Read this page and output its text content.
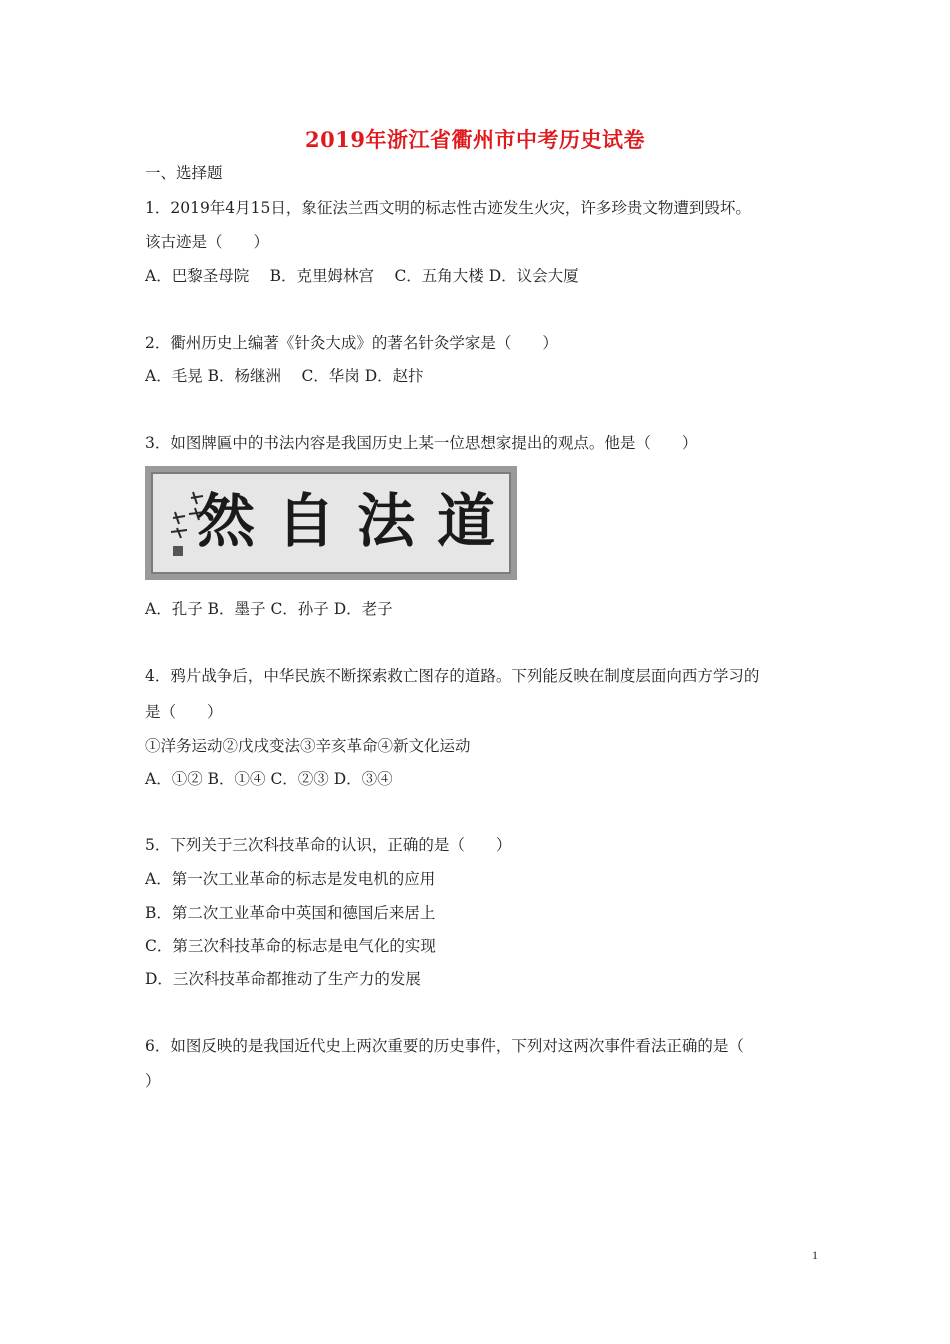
2019年浙江省衢州市中考历史试卷
一、选择题
1．2019年4月15日，象征法兰西文明的标志性古迹发生火灾，许多珍贵文物遭到毁坏。
该古迹是（　　）
A．巴黎圣母院　 B．克里姆林宫　 C．五角大楼 D．议会大厦
2．衢州历史上编著《针灸大成》的著名针灸学家是（　　）
A．毛晃 B．杨继洲　 C．华岗 D．赵抃
3．如图牌匾中的书法内容是我国历史上某一位思想家提出的观点。他是（　　）
道
法
自
然
A．孔子 B．墨子 C．孙子 D．老子
4．鸦片战争后，中华民族不断探索救亡图存的道路。下列能反映在制度层面向西方学习的
是（　　）
①洋务运动②戊戌变法③辛亥革命④新文化运动
A．①② B．①④ C．②③ D．③④
5．下列关于三次科技革命的认识，正确的是（　　）
A．第一次工业革命的标志是发电机的应用
B．第二次工业革命中英国和德国后来居上
C．第三次科技革命的标志是电气化的实现
D．三次科技革命都推动了生产力的发展
6．如图反映的是我国近代史上两次重要的历史事件，下列对这两次事件看法正确的是（
）
1
